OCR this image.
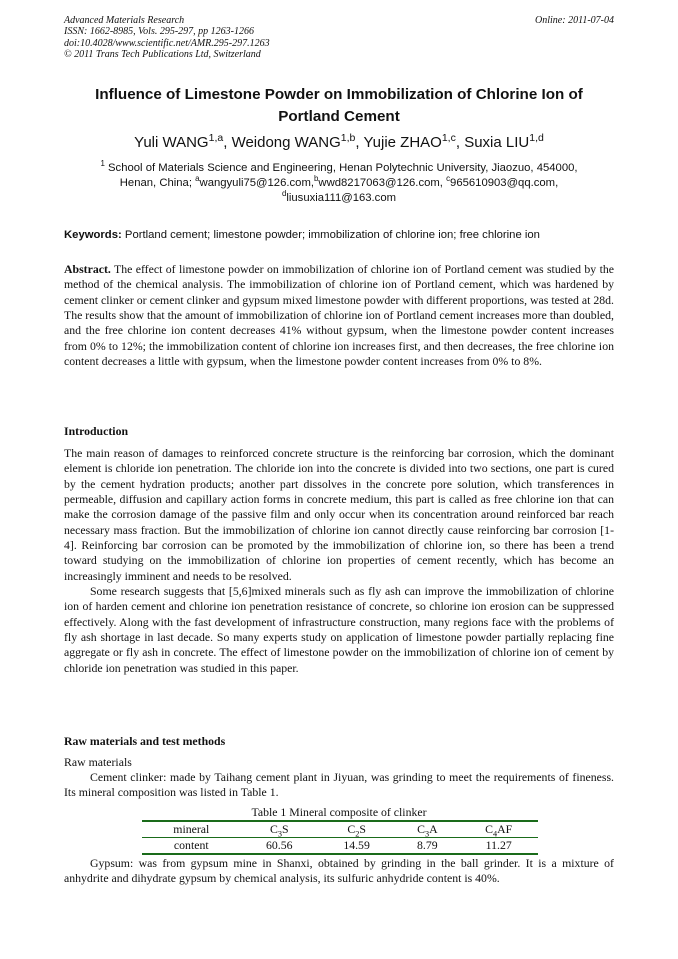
Advanced Materials Research
ISSN: 1662-8985, Vols. 295-297, pp 1263-1266
doi:10.4028/www.scientific.net/AMR.295-297.1263
© 2011 Trans Tech Publications Ltd, Switzerland
Online: 2011-07-04
Influence of Limestone Powder on Immobilization of Chlorine Ion of
Portland Cement
Yuli WANG$^{1,a}$, Weidong WANG$^{1,b}$, Yujie ZHAO$^{1,c}$, Suxia LIU$^{1,d}$
$^1$ School of Materials Science and Engineering, Henan Polytechnic University, Jiaozuo, 454000,
Henan, China; $^a$wangyuli75@126.com,$^b$wwd8217063@126.com, $^c$965610903@qq.com,
$^d$liusuxia111@163.com
Keywords: Portland cement; limestone powder; immobilization of chlorine ion; free chlorine ion

Abstract. The effect of limestone powder on immobilization of chlorine ion of Portland cement was studied by the method of the chemical analysis. The immobilization of chlorine ion of Portland cement, which was hardened by cement clinker or cement clinker and gypsum mixed limestone powder with different proportions, was tested at 28d. The results show that the amount of immobilization of chlorine ion of Portland cement increases more than doubled, and the free chlorine ion content decreases 41% without gypsum, when the limestone powder content increases from 0% to 12%; the immobilization content of chlorine ion increases first, and then decreases, the free chlorine ion content decreases a little with gypsum, when the limestone powder content increases from 0% to 8%.

Introduction

The main reason of damages to reinforced concrete structure is the reinforcing bar corrosion, which the dominant element is chloride ion penetration. The chloride ion into the concrete is divided into two sections, one part is cured by the cement hydration products; another part dissolves in the concrete pore solution, which transferences in permeable, diffusion and capillary action forms in concrete medium, this part is called as free chlorine ion that can make the corrosion damage of the passive film and only occur when its concentration around reinforced bar reach necessary mass fraction. But the immobilization of chlorine ion cannot directly cause reinforcing bar corrosion [1-4]. Reinforcing bar corrosion can be promoted by the immobilization of chlorine ion, so there has been a trend toward studying on the immobilization of chlorine ion properties of cement recently, which has become an increasingly imminent and needs to be resolved.

Some research suggests that [5,6]mixed minerals such as fly ash can improve the immobilization of chlorine ion of harden cement and chlorine ion penetration resistance of concrete, so chlorine ion erosion can be suppressed effectively. Along with the fast development of infrastructure construction, many regions face with the problems of fly ash shortage in last decade. So many experts study on application of limestone powder partially replacing fine aggregate or fly ash in concrete. The effect of limestone powder on the immobilization of chlorine ion of cement by chloride ion penetration was studied in this paper.

Raw materials and test methods
Raw materials

Cement clinker: made by Taihang cement plant in Jiyuan, was grinding to meet the requirements of fineness. Its mineral composition was listed in Table 1.

Table 1 Mineral composite of clinker
mineral	$C_3S$	$C_2S$	$C_3A$	$C_4AF$
content	60.56	14.59	8.79	11.27

Gypsum: was from gypsum mine in Shanxi, obtained by grinding in the ball grinder. It is a mixture of anhydrite and dihydrate gypsum by chemical analysis, its sulfuric anhydride content is 40%.
